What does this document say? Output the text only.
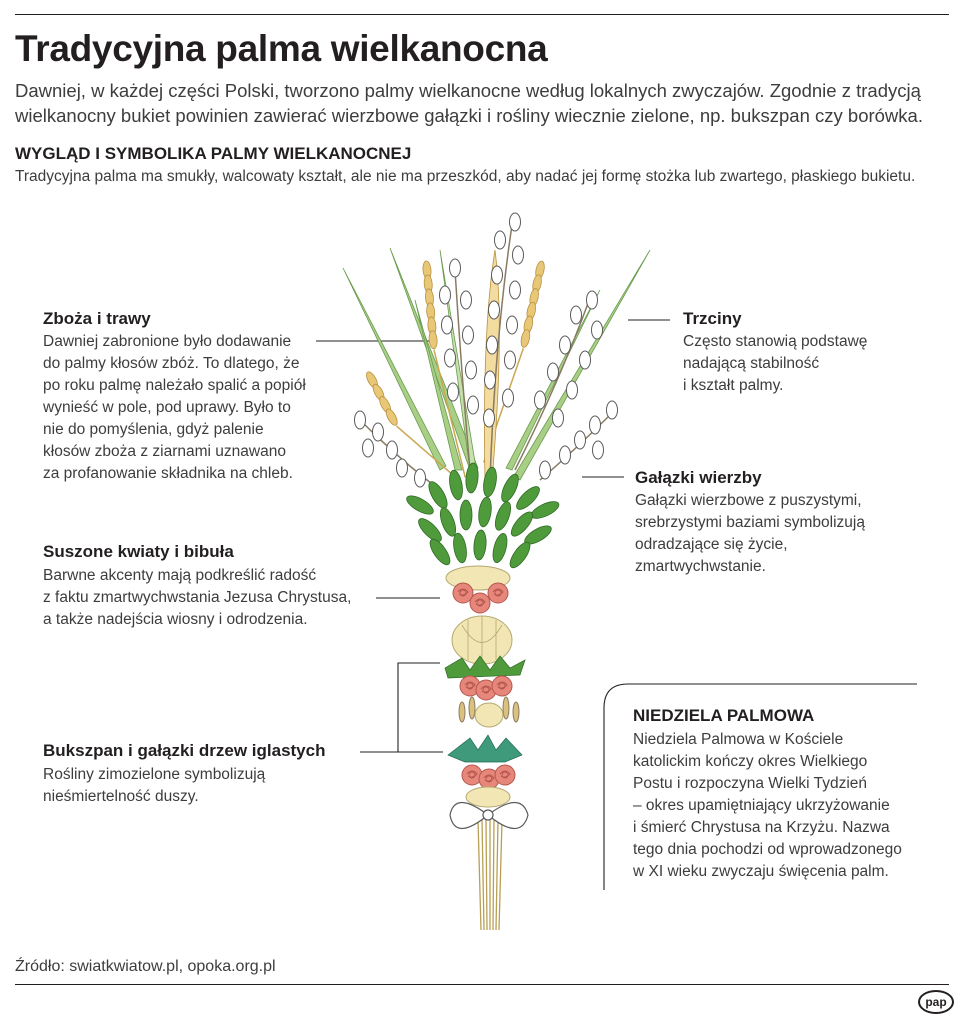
Tradycyjna palma wielkanocna

Dawniej, w każdej części Polski, tworzono palmy wielkanocne według lokalnych zwyczajów. Zgodnie z tradycją wielkanocny bukiet powinien zawierać wierzbowe gałązki i rośliny wiecznie zielone, np. bukszpan czy borówka.

WYGLĄD I SYMBOLIKA PALMY WIELKANOCNEJ

Tradycyjna palma ma smukły, walcowaty kształt, ale nie ma przeszkód, aby nadać jej formę stożka lub zwartego, płaskiego bukietu.

Zboża i trawy
Dawniej zabronione było dodawanie
do palmy kłosów zbóż. To dlatego, że
po roku palmę należało spalić a popiół
wynieść w pole, pod uprawy. Było to
nie do pomyślenia, gdyż palenie
kłosów zboża z ziarnami uznawano
za profanowanie składnika na chleb.
Trzciny
Często stanowią podstawę
nadającą stabilność
i kształt palmy.
Gałązki wierzby
Gałązki wierzbowe z puszystymi,
srebrzystymi baziami symbolizują
odradzające się życie,
zmartwychwstanie.
Suszone kwiaty i bibuła
Barwne akcenty mają podkreślić radość
z faktu zmartwychwstania Jezusa Chrystusa,
a także nadejścia wiosny i odrodzenia.
Bukszpan i gałązki drzew iglastych
Rośliny zimozielone symbolizują
nieśmiertelność duszy.
NIEDZIELA PALMOWA
Niedziela Palmowa w Kościele
katolickim kończy okres Wielkiego
Postu i rozpoczyna Wielki Tydzień
– okres upamiętniający ukrzyżowanie
i śmierć Chrystusa na Krzyżu. Nazwa
tego dnia pochodzi od wprowadzonego
w XI wieku zwyczaju święcenia palm.

Źródło: swiatkwiatow.pl, opoka.org.pl

pap
